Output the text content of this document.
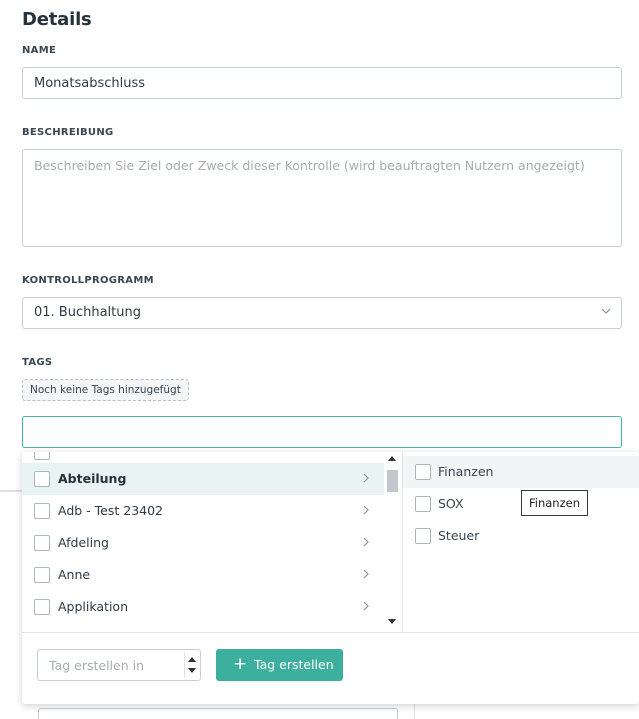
Details
NAME
Monatsabschluss
BESCHREIBUNG
Beschreiben Sie Ziel oder Zweck dieser Kontrolle (wird beauftragten Nutzern angezeigt)
KONTROLLPROGRAMM
01. Buchhaltung
TAGS
Noch keine Tags hinzugefügt
Abteilung
Adb - Test 23402
Afdeling
Anne
Applikation
Finanzen
SOX
Steuer
Tag erstellen in	+ Tag erstellen
Finanzen
